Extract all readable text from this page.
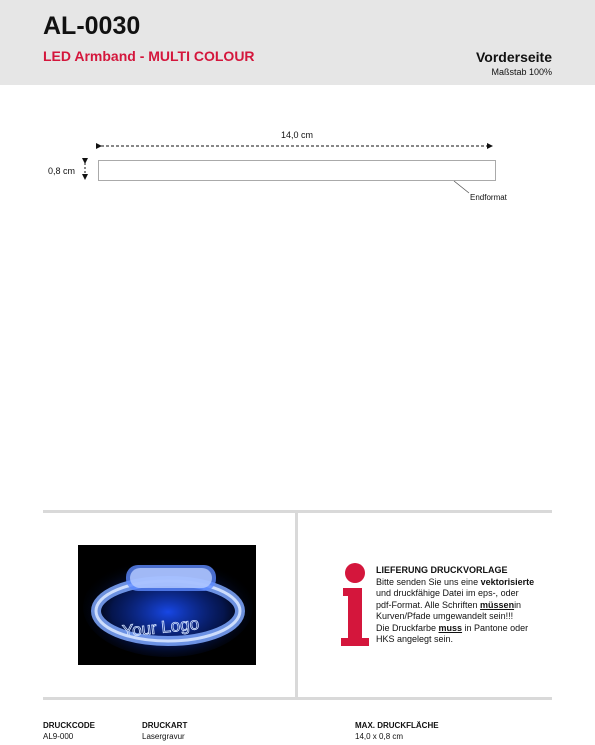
AL-0030
LED Armband - MULTI COLOUR	Vorderseite
Maßstab 100%
14,0 cm
0,8 cm
Endformat
Your Logo
LIEFERUNG DRUCKVORLAGE
Bitte senden Sie uns eine vektorisierte
und druckfähige Datei im eps-, oder
pdf-Format. Alle Schriften müssenin
Kurven/Pfade umgewandelt sein!!!
Die Druckfarbe muss in Pantone oder
HKS angelegt sein.
DRUCKCODE
AL9-000
DRUCKART
Lasergravur
MAX. DRUCKFLÄCHE
14,0 x 0,8 cm
